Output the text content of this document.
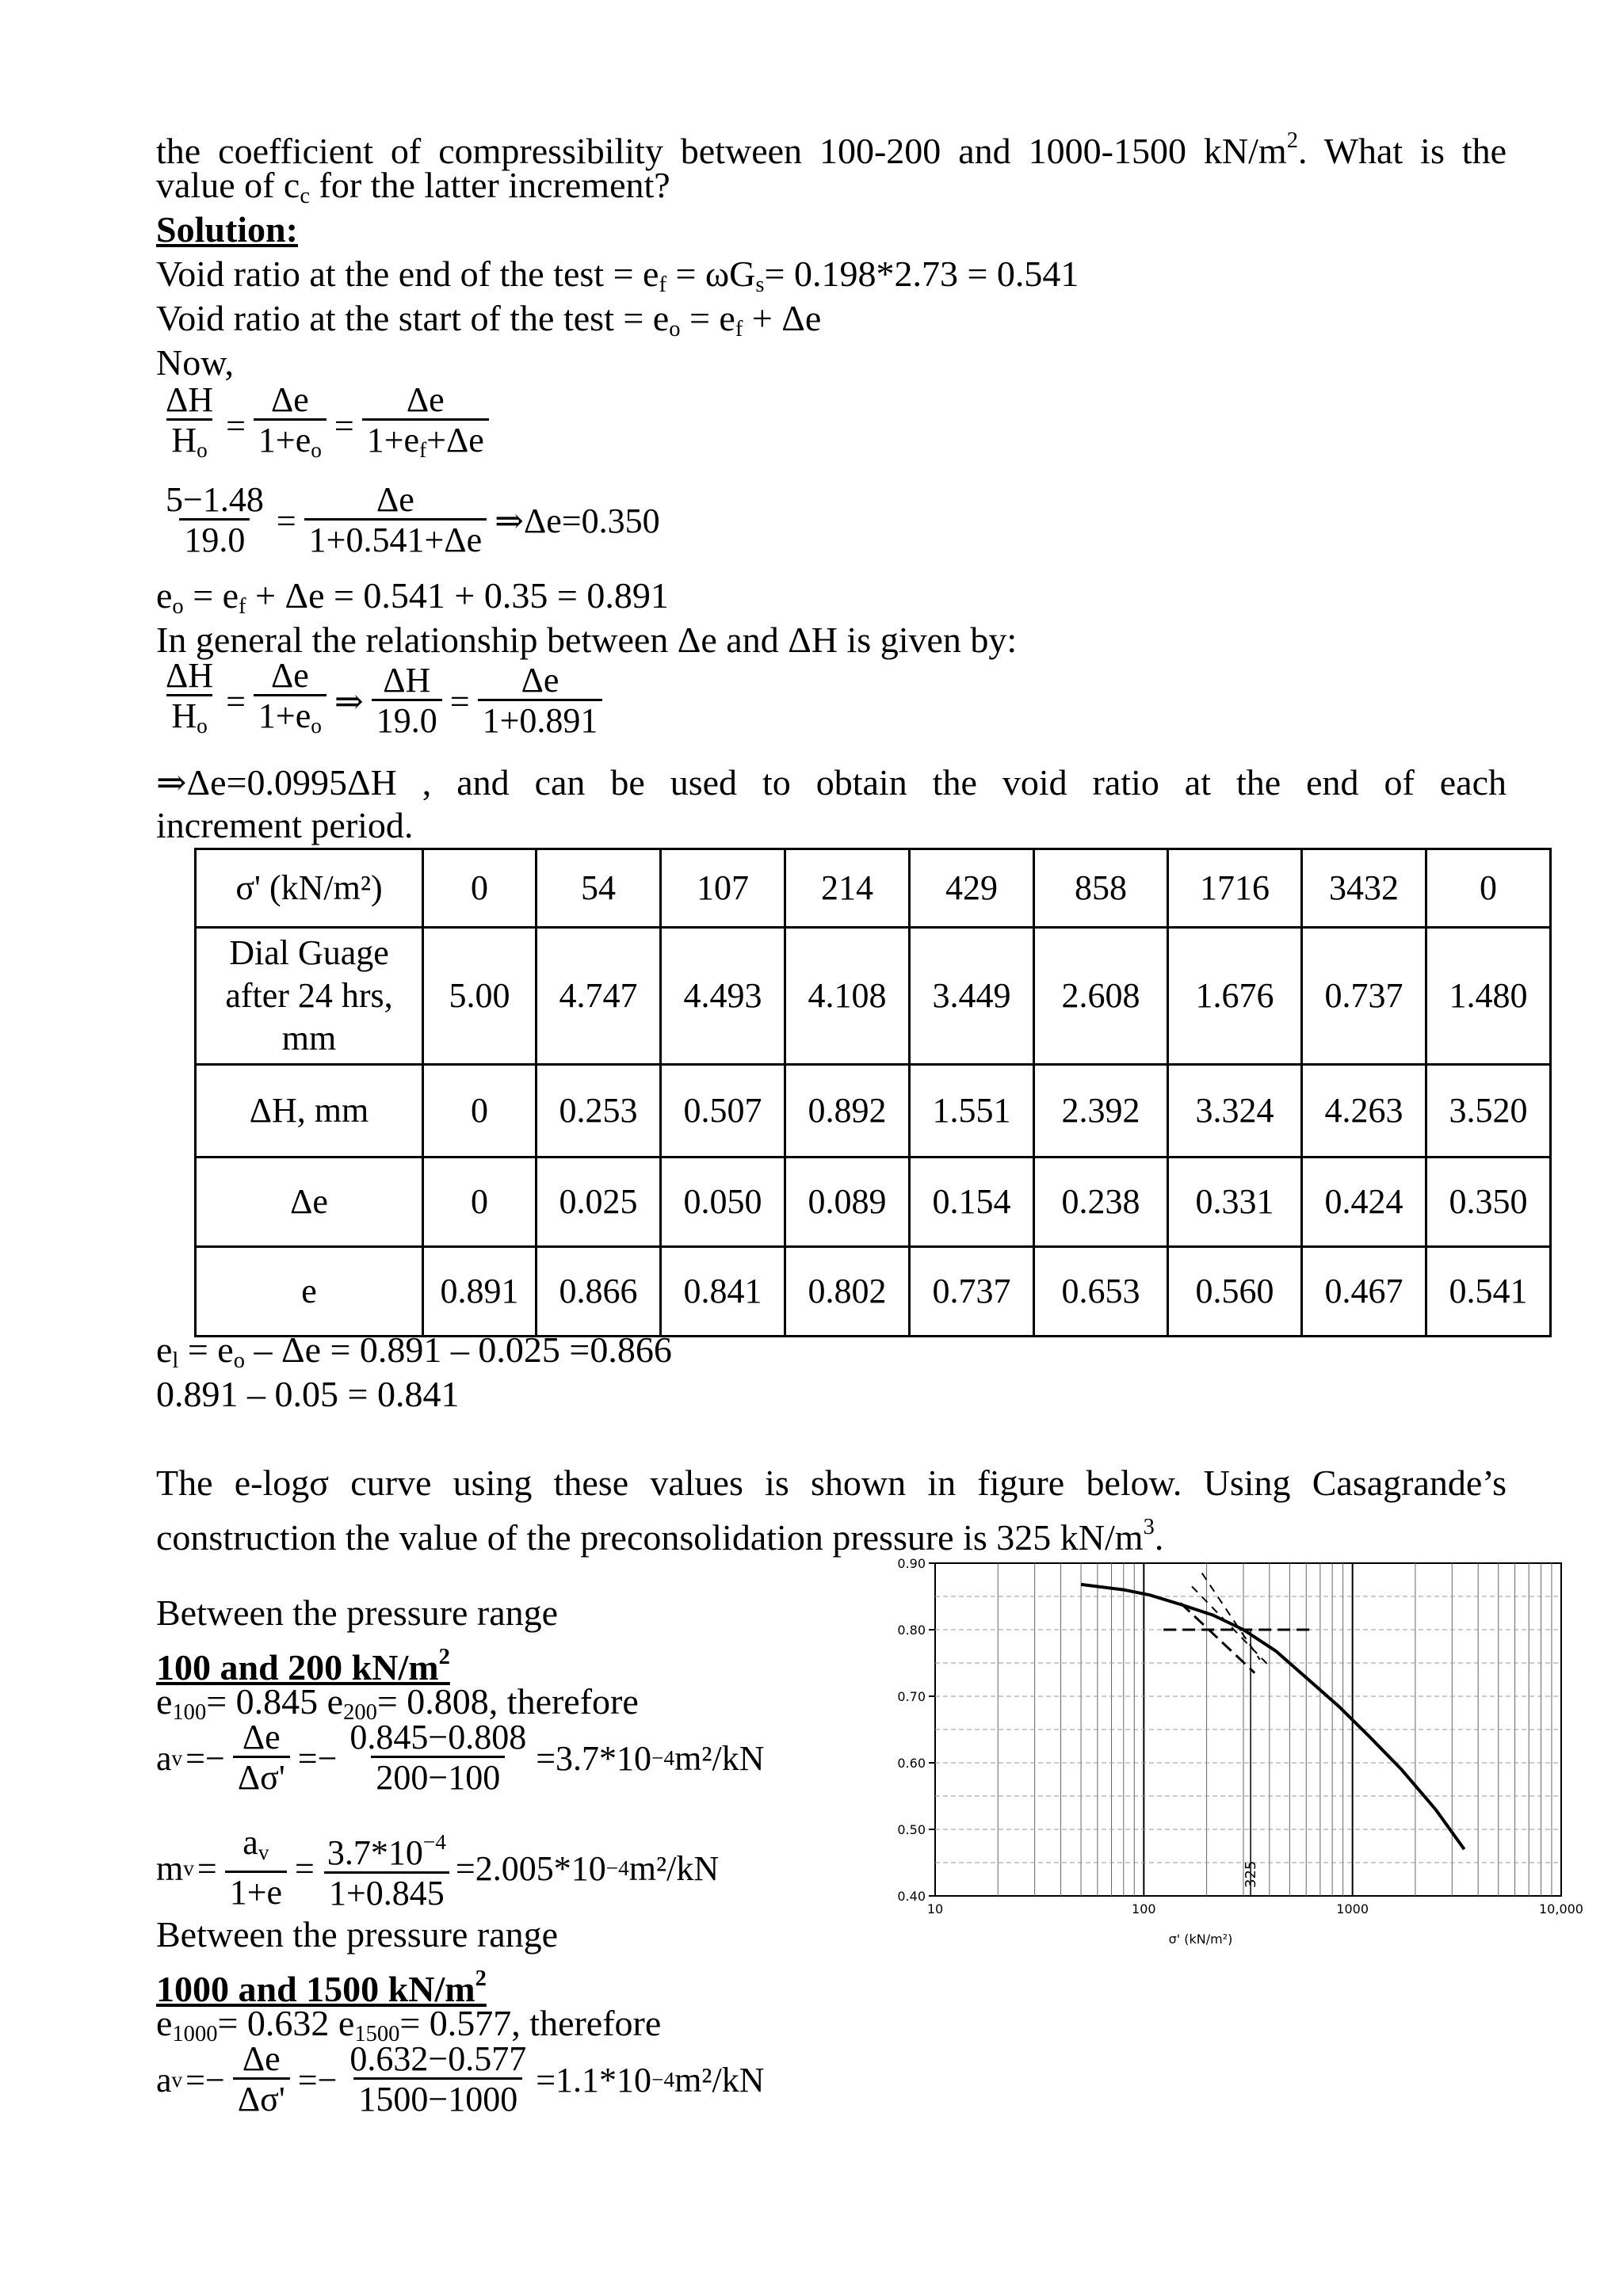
the coefficient of compressibility between 100-200 and 1000-1500 $kN/m^2$. What is the
value of $c_c$ for the latter increment?
Solution:
Void ratio at the end of the test = $e_f = \omega G_s= 0.198*2.73 = 0.541$
Void ratio at the start of the test = $e_o = e_f + \Delta e$
Now,
$\frac{\Delta H}{H_o} = \frac{\Delta e}{1+e_o} = \frac{\Delta e}{1+e_f+\Delta e}$
$\frac{5-1.48}{19.0} = \frac{\Delta e}{1+0.541+\Delta e}$ ⇒Δe=0.350
$e_o = e_f + \Delta e = 0.541 + 0.35 = 0.891$
In general the relationship between Δe and ΔH is given by:
$\frac{\Delta H}{H_o} = \frac{\Delta e}{1+e_o}$ ⇒ $\frac{\Delta H}{19.0} = \frac{\Delta e}{1+0.891}$
⇒Δe=0.0995ΔH , and can be used to obtain the void ratio at the end of each
increment period.
σ' (kN/m²)	0	54	107	214	429	858	1716	3432	0
Dial Guage after 24 hrs, mm	5.00	4.747	4.493	4.108	3.449	2.608	1.676	0.737	1.480
ΔH, mm	0	0.253	0.507	0.892	1.551	2.392	3.324	4.263	3.520
Δe	0	0.025	0.050	0.089	0.154	0.238	0.331	0.424	0.350
e	0.891	0.866	0.841	0.802	0.737	0.653	0.560	0.467	0.541
$e_l = e_o - \Delta e = 0.891 - 0.025 =0.866$
0.891 – 0.05 = 0.841
The e-logσ curve using these values is shown in figure below. Using Casagrande’s
construction the value of the preconsolidation pressure is 325 $kN/m^3$.
Between the pressure range
100 and 200 $kN/m^2$
$e_{100}= 0.845$ $e_{200}= 0.808$, therefore
a $v =- \frac{\Delta e}{\Delta\sigma'} =- \frac{0.845-0.808}{200-100} =3.7*10 -4$ m²/kN
m $v = \frac{a_v}{1+e} = \frac{3.7*10^{-4}}{1+0.845} =2.005*10 -4$ m²/kN
Between the pressure range
1000 and 1500 $kN/m^2$
$e_{1000}= 0.632$ $e_{1500}= 0.577$, therefore
a $v =- \frac{\Delta e}{\Delta\sigma'} =- \frac{0.632-0.577}{1500-1000} =1.1*10 -4$ m²/kN
0.90
0.80
0.70
0.60
0.50
0.40
10	100	1000	10,000
σ' (kN/m²)
325
